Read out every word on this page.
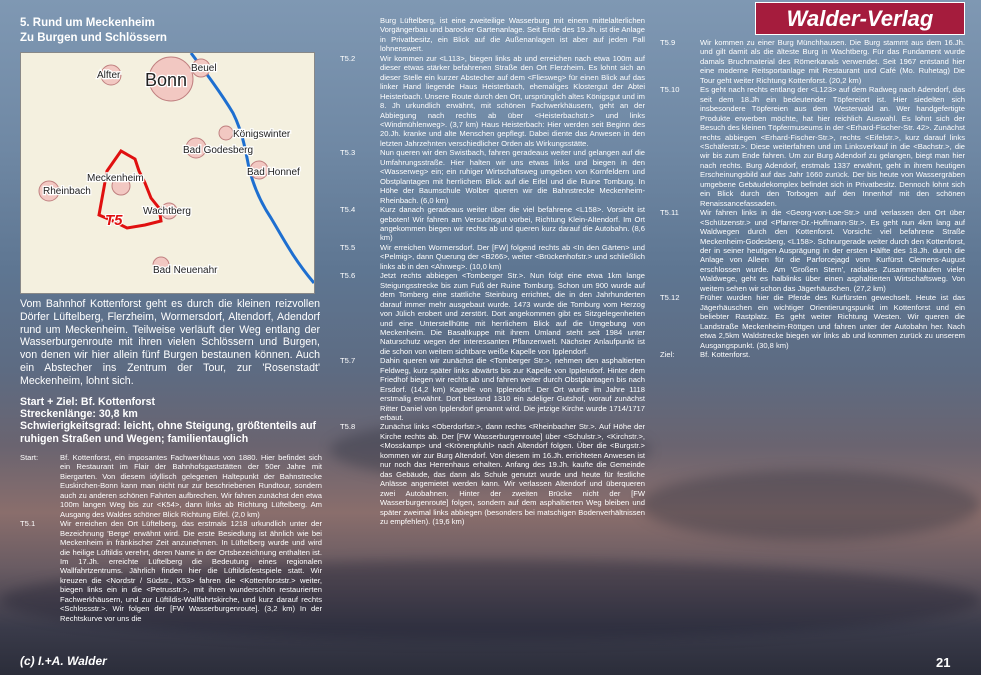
Walder-Verlag
5. Rund um Meckenheim
Zu Burgen und Schlössern
Alfter Bonn
Beuel
Königswinter
Bad Godesberg
Bad Honnef
Meckenheim
Rheinbach
Wachtberg
T5
Bad Neuenahr
Vom Bahnhof Kottenforst geht es durch die kleinen reizvollen Dörfer Lüftelberg, Flerzheim, Wormersdorf, Altendorf, Adendorf rund um Meckenheim. Teilweise verläuft der Weg entlang der Wasserburgenroute mit ihren vielen Schlössern und Burgen, von denen wir hier allein fünf Burgen bestaunen können. Auch ein Abstecher ins Zentrum der Tour, zur 'Rosenstadt' Meckenheim, lohnt sich.
Start + Ziel: Bf. Kottenforst
Streckenlänge: 30,8 km
Schwierigkeitsgrad: leicht, ohne Steigung, größtenteils auf ruhigen Straßen und Wegen; familientauglich
Start:	Bf. Kottenforst, ein imposantes Fachwerkhaus von 1880. Hier befindet sich ein Restaurant im Flair der Bahnhofsgaststätten der 50er Jahre mit Biergarten. Von diesem idyllisch gelegenen Haltepunkt der Bahnstrecke Euskirchen-Bonn kann man nicht nur zur beschriebenen Rundtour, sondern auch zu anderen schönen Fahrten aufbrechen. Wir fahren zunächst den etwa 100m langen Weg bis zur <K54>, dann links ab Richtung Lüftelberg. Am Ausgang des Waldes schöner Blick Richtung Eifel. (2,0 km)
T5.1	Wir erreichen den Ort Lüftelberg, das erstmals 1218 urkundlich unter der Bezeichnung 'Berge' erwähnt wird. Die erste Besiedlung ist ähnlich wie bei Meckenheim in fränkischer Zeit anzunehmen. In Lüftelberg wurde und wird die heilige Lüftildis verehrt, deren Name in der Ortsbezeichnung enthalten ist. Im 17.Jh. erreichte Lüftelberg die Bedeutung eines regionalen Wallfahrtzentrums. Jährlich finden hier die Lüftildisfestspiele statt. Wir kreuzen die <Nordstr / Südstr., K53> fahren die <Kottenforststr.> weiter, biegen links ein in die <Petrusstr.>, mit ihren wunderschön restaurierten Fachwerkhäusern, und zur Lüftildis-Wallfahrtskirche, und kurz darauf rechts <Schlossstr.>. Wir folgen der [FW Wasserburgenroute]. (3,2 km) In der Rechtskurve vor uns die
Burg Lüftelberg, ist eine zweiteilige Wasserburg mit einem mittelalterlichen Vorgängerbau und barocker Gartenanlage. Seit Ende des 19.Jh. ist die Anlage in Privatbesitz, ein Blick auf die Außenanlagen ist aber auf jeden Fall lohnenswert.
T5.2	Wir kommen zur <L113>, biegen links ab und erreichen nach etwa 100m auf dieser etwas stärker befahrenen Straße den Ort Flerzheim. Es lohnt sich an dieser Stelle ein kurzer Abstecher auf dem <Fliesweg> für einen Blick auf das linker Hand liegende Haus Heisterbach, ehemaliges Klostergut der Abtei Heisterbach. Unsere Route durch den Ort, ursprünglich altes Königsgut und im 8. Jh urkundlich erwähnt, mit schönen Fachwerkhäusern, geht an der Abbiegung nach rechts ab über <Heisterbachstr.> und links <Windmühlenweg>. (3,7 km) Haus Heisterbach: Hier werden seit Beginn des 20.Jh. kranke und alte Menschen gepflegt. Dabei diente das Anwesen in den letzten Jahrzehnten verschiedlicher Orden als Wirkungsstätte.
T5.3	Nun queren wir den Swistbach, fahren geradeaus weiter und gelangen auf die Umfahrungsstraße. Hier halten wir uns etwas links und biegen in den <Wasserweg> ein; ein ruhiger Wirtschaftsweg umgeben von Kornfeldern und Obstplantagen mit herrlichem Blick auf die Eifel und die Ruine Tomburg. In Höhe der Baumschule Wolber queren wir die Bahnstrecke Meckenheim-Rheinbach. (6,0 km)
T5.4	Kurz danach geradeaus weiter über die viel befahrene <L158>. Vorsicht ist geboten! Wir fahren am Versuchsgut vorbei, Richtung Klein-Altendorf. Im Ort angekommen biegen wir rechts ab und queren kurz darauf die Autobahn. (8,6 km)
T5.5	Wir erreichen Wormersdorf. Der [FW] folgend rechts ab <In den Gärten> und <Pelmig>, dann Querung der <B266>, weiter <Brückenhofstr.> und schließlich links ab in den <Ahrweg>. (10,0 km)
T5.6	Jetzt rechts abbiegen <Tomberger Str.>. Nun folgt eine etwa 1km lange Steigungsstrecke bis zum Fuß der Ruine Tomburg. Schon um 900 wurde auf dem Tomberg eine stattliche Steinburg errichtet, die in den Jahrhunderten darauf immer mehr ausgebaut wurde. 1473 wurde die Tomburg vom Herzog von Jülich erobert und zerstört. Dort angekommen gibt es Sitzgelegenheiten und eine Unterstellhütte mit herrlichem Blick auf die Umgebung von Meckenheim. Die Basaltkuppe mit ihrem Umland steht seit 1984 unter Naturschutz wegen der interessanten Pflanzenwelt. Nächster Anlaufpunkt ist die schon von weitem sichtbare weiße Kapelle von Ipplendorf.
T5.7	Dahin queren wir zunächst die <Tomberger Str.>, nehmen den asphaltierten Feldweg, kurz später links abwärts bis zur Kapelle von Ipplendorf. Hinter dem Friedhof biegen wir rechts ab und fahren weiter durch Obstplantagen bis nach Ersdorf. (14,2 km) Kapelle von Ipplendorf. Der Ort wurde im Jahre 1118 erstmalig erwähnt. Dort bestand 1310 ein adeliger Gutshof, worauf zunächst Ritter Daniel von Ipplendorf genannt wird. Die jetzige Kirche wurde 1714/1717 erbaut.
T5.8	Zunächst links <Oberdorfstr.>, dann rechts <Rheinbacher Str.>. Auf Höhe der Kirche rechts ab. Der [FW Wasserburgenroute] über <Schulstr.>, <Kirchstr.>, <Mosskamp> und <Krönenpfuhl> nach Altendorf folgen. Über die <Burgstr.> kommen wir zur Burg Altendorf. Von diesem im 16.Jh. errichteten Anwesen ist nur noch das Herrenhaus erhalten. Anfang des 19.Jh. kaufte die Gemeinde das Gebäude, das dann als Schule genutzt wurde und heute für festliche Anlässe angemietet werden kann. Wir verlassen Altendorf und überqueren zwei Autobahnen. Hinter der zweiten Brücke nicht der [FW Wasserburgenroute] folgen, sondern auf dem asphaltierten Weg bleiben und später zweimal links abbiegen (besonders bei matschigen Bodenverhältnissen zu empfehlen). (19,6 km)
T5.9	Wir kommen zu einer Burg Münchhausen. Die Burg stammt aus dem 16.Jh. und gilt damit als die älteste Burg in Wachtberg. Für das Fundament wurde damals Bruchmaterial des Römerkanals verwendet. Seit 1967 entstand hier eine moderne Reitsportanlage mit Restaurant und Café (Mo. Ruhetag) Die Tour geht weiter Richtung Kottenforst. (20,2 km)
T5.10	Es geht nach rechts entlang der <L123> auf dem Radweg nach Adendorf, das seit dem 18.Jh ein bedeutender Töpfereiort ist. Hier siedelten sich insbesondere Töpfereien aus dem Westerwald an. Wer handgefertigte Produkte erwerben möchte, hat hier reichlich Auswahl. Es lohnt sich der Besuch des kleinen Töpfermuseums in der <Erhard-Fischer-Str. 42>. Zunächst rechts abbiegen <Erhard-Fischer-Str.>, rechts <Eifelstr.>, kurz darauf links <Schäferstr.>. Diese weiterfahren und im Linksverkauf in die <Bachstr.>, die wir bis zum Ende fahren. Um zur Burg Adendorf zu gelangen, biegt man hier nach rechts. Burg Adendorf, erstmals 1337 erwähnt, geht in ihrem heutigen Erscheinungsbild auf das Jahr 1660 zurück. Der bis heute von Wassergräben umgebene Gebäudekomplex befindet sich in Privatbesitz. Dennoch lohnt sich ein Blick durch den Torbogen auf den Innenhof mit den schönen Renaissancefassaden.
T5.11	Wir fahren links in die <Georg-von-Loe-Str.> und verlassen den Ort über <Schützenstr.> und <Pfarrer-Dr.-Hoffmann-Str.>. Es geht nun 4km lang auf Waldwegen durch den Kottenforst. Vorsicht: viel befahrene Straße Meckenheim-Godesberg, <L158>. Schnurgerade weiter durch den Kottenforst, der in seiner heutigen Ausprägung in der ersten Hälfte des 18.Jh. durch die Anlage von Alleen für die Parforcejagd vom Kurfürst Clemens-August erschlossen wurde. Am 'Großen Stern', radiales Zusammenlaufen vieler Waldwege, geht es halblinks über einen asphaltierten Wirtschaftsweg. Von weitem sehen wir schon das Jägerhäuschen. (27,2 km)
T5.12	Früher wurden hier die Pferde des Kurfürsten gewechselt. Heute ist das Jägerhäuschen ein wichtiger Orientierungspunkt im Kottenforst und ein beliebter Rastplatz. Es geht weiter Richtung Westen. Wir queren die Landstraße Meckenheim-Röttgen und fahren unter der Autobahn her. Nach etwa 2,5km Waldstrecke biegen wir links ab und kommen zurück zu unserem Ausgangspunkt. (30,8 km)
Ziel:	Bf. Kottenforst.
(c) I.+A. Walder	21
